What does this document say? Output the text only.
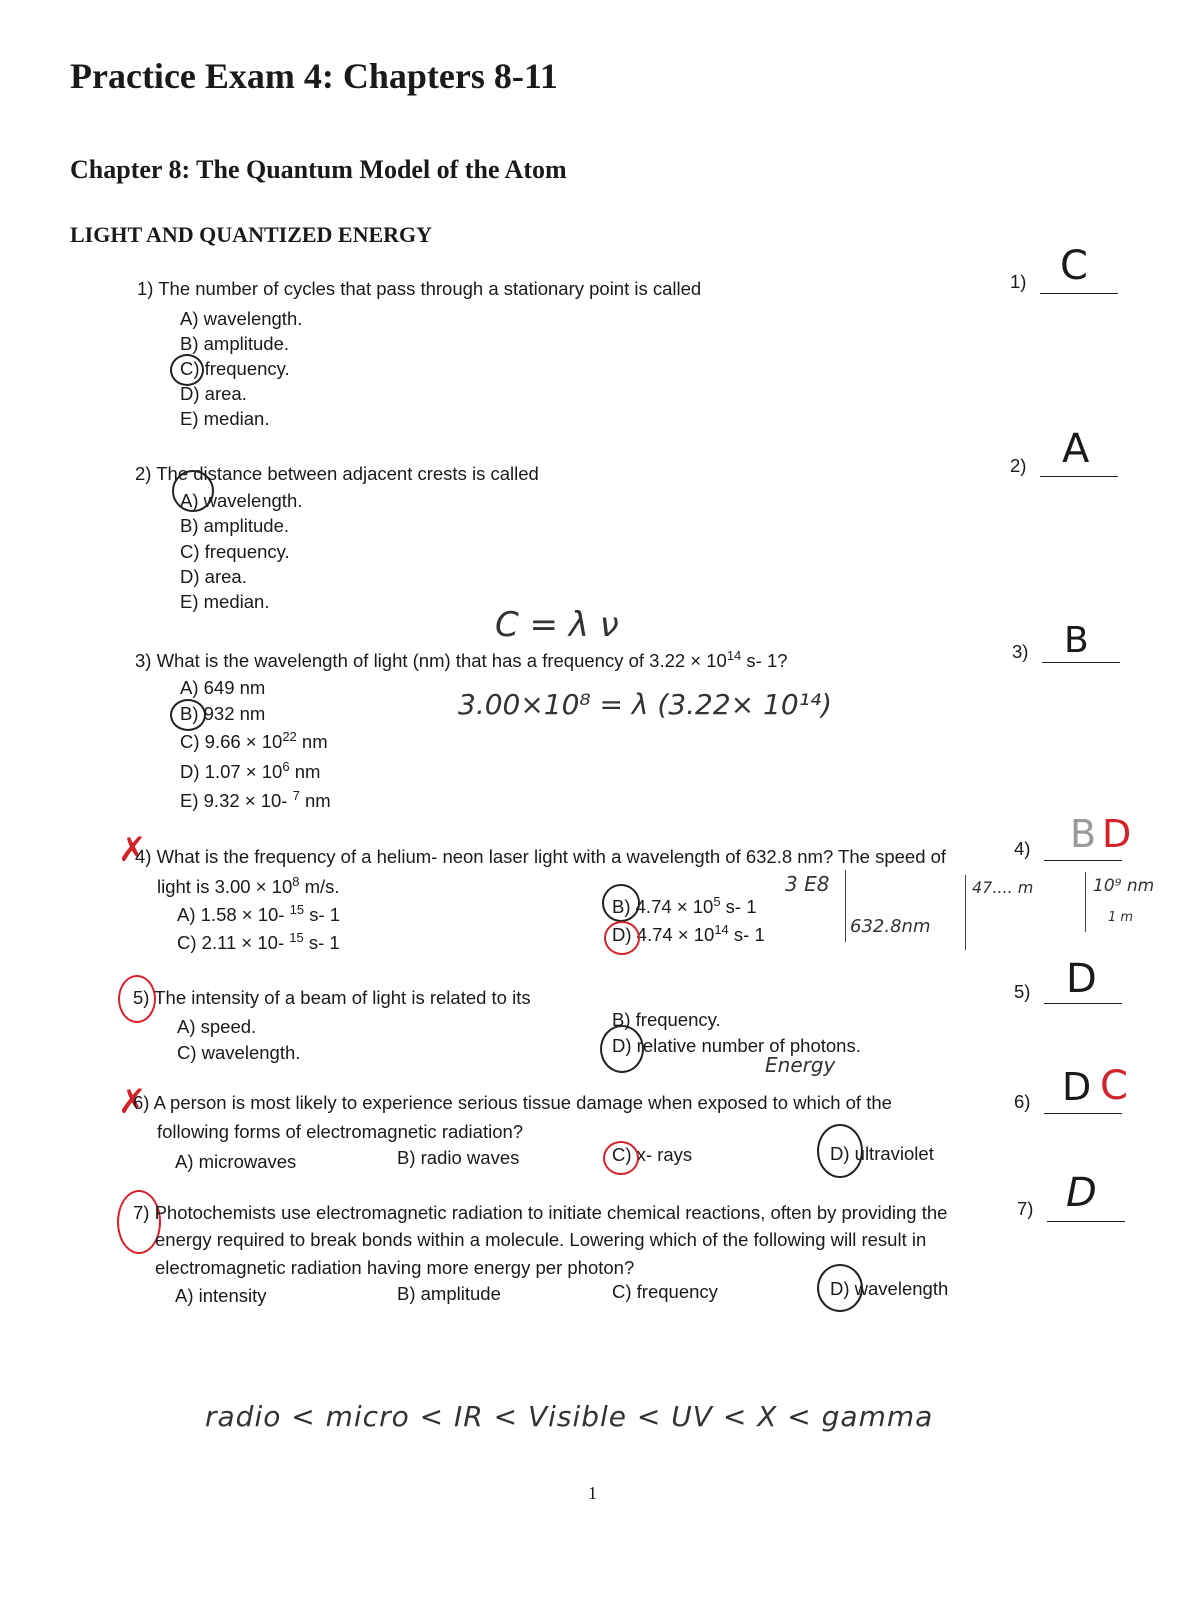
Practice Exam 4: Chapters 8-11
Chapter 8: The Quantum Model of the Atom
LIGHT AND QUANTIZED ENERGY
1) The number of cycles that pass through a stationary point is called
A) wavelength.
B) amplitude.
C) frequency.
D) area.
E) median.
1) C
2) The distance between adjacent crests is called
A) wavelength.
B) amplitude.
C) frequency.
D) area.
E) median.
2) A
C = λ ν
3) What is the wavelength of light (nm) that has a frequency of $3.22 \times 10^{14}$ s- 1?
A) 649 nm
B) 932 nm
C) $9.66 \times 10^{22}$ nm
D) $1.07 \times 10^6$ nm
E) 9.32 × 10- $^7$ nm
3.00×10⁸ = λ (3.22× 10¹⁴)
3) B
✗
4) What is the frequency of a helium- neon laser light with a wavelength of 632.8 nm? The speed of
light is $3.00 \times 10^8$ m/s.
A) 1.58 × 10- $^{15}$ s- 1	B) $4.74 \times 10^5$ s- 1
C) 2.11 × 10- $^{15}$ s- 1	D) $4.74 \times 10^{14}$ s- 1
3 E8
632.8nm
47.... m	10⁹ nm
1 m
4) B D
5) The intensity of a beam of light is related to its
A) speed.	B) frequency.
C) wavelength.	D) relative number of photons.
Energy
5) D
✗
6) A person is most likely to experience serious tissue damage when exposed to which of the
following forms of electromagnetic radiation?
A) microwaves	B) radio waves	C) x- rays	D) ultraviolet
6) D C
7) Photochemists use electromagnetic radiation to initiate chemical reactions, often by providing the
energy required to break bonds within a molecule. Lowering which of the following will result in
electromagnetic radiation having more energy per photon?
A) intensity	B) amplitude	C) frequency	D) wavelength
7) D
radio < micro < IR < Visible < UV < X < gamma
1
